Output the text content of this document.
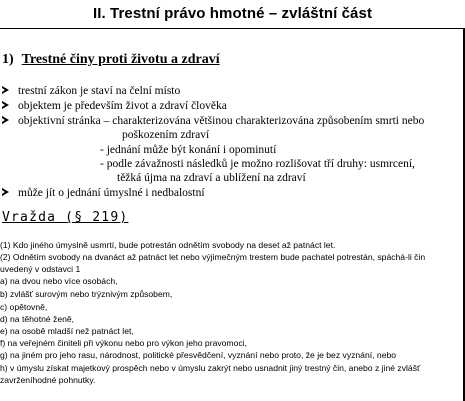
II. Trestní právo hmotné – zvláštní část
1) Trestné činy proti životu a zdraví
trestní zákon je staví na čelní místo
objektem je především život a zdraví člověka
objektivní stránka – charakterizována většinou charakterizována způsobením smrti nebo
poškozením zdraví
- jednání může být konání i opominutí
- podle závažnosti následků je možno rozlišovat tří druhy: usmrcení,
těžká újma na zdraví a ublížení na zdraví
může jít o jednání úmyslné i nedbalostní
Vražda (§ 219)
(1) Kdo jiného úmyslně usmrtí, bude potrestán odnětím svobody na deset až patnáct let.
(2) Odnětím svobody na dvanáct až patnáct let nebo výjimečným trestem bude pachatel potrestán, spáchá-li čin
uvedený v odstavci 1
a) na dvou nebo více osobách,
b) zvlášť surovým nebo trýznivým způsobem,
c) opětovně,
d) na těhotné ženě,
e) na osobě mladší než patnáct let,
f) na veřejném činiteli při výkonu nebo pro výkon jeho pravomoci,
g) na jiném pro jeho rasu, národnost, politické přesvědčení, vyznání nebo proto, že je bez vyznání, nebo
h) v úmyslu získat majetkový prospěch nebo v úmyslu zakrýt nebo usnadnit jiný trestný čin, anebo z jiné zvlášť
zavrženíhodné pohnutky.
